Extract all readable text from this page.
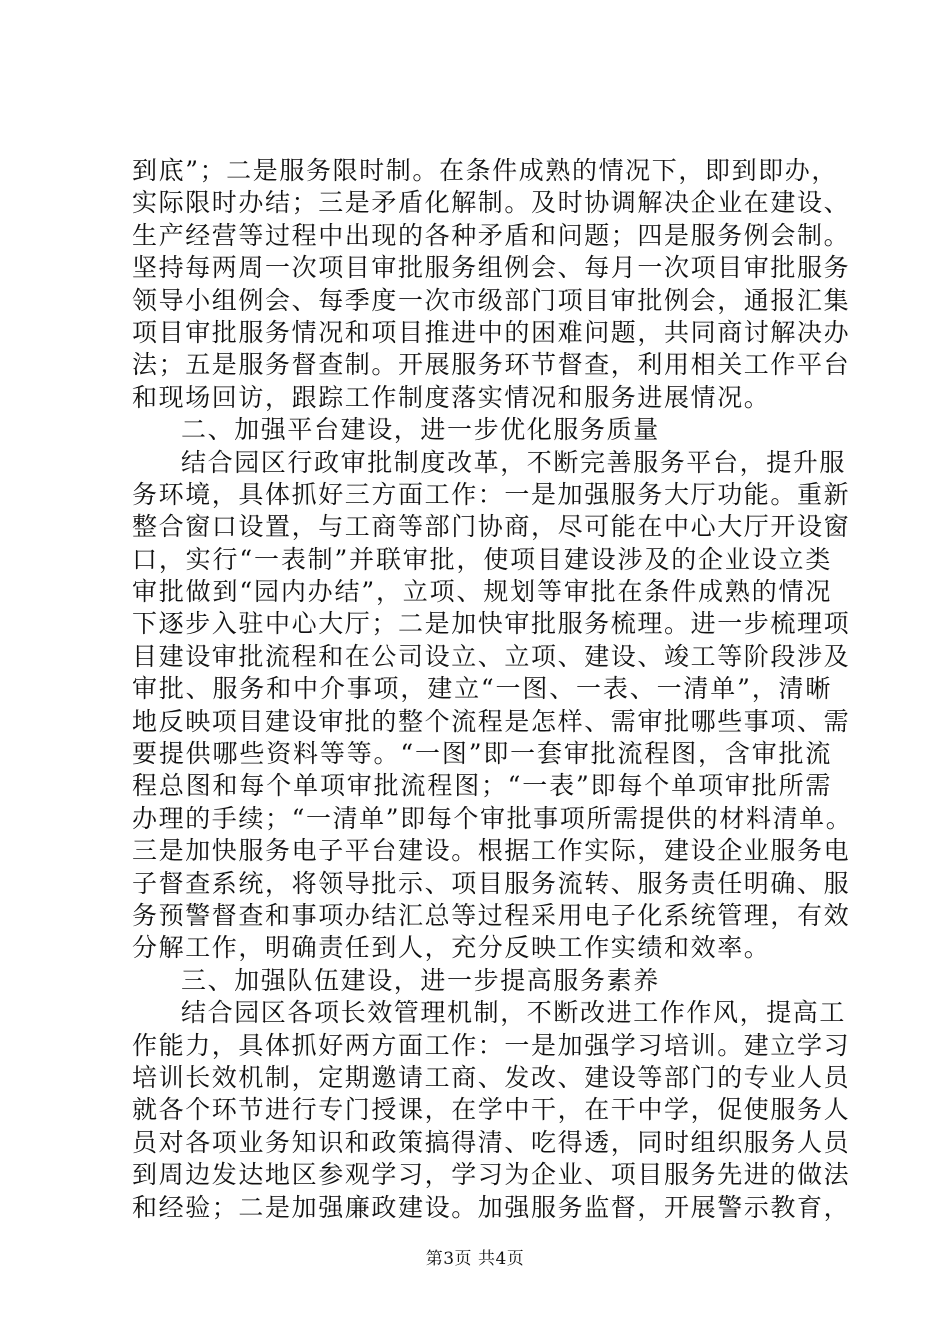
到底”；二是服务限时制。在条件成熟的情况下，即到即办，
实际限时办结；三是矛盾化解制。及时协调解决企业在建设、
生产经营等过程中出现的各种矛盾和问题；四是服务例会制。
坚持每两周一次项目审批服务组例会、每月一次项目审批服务
领导小组例会、每季度一次市级部门项目审批例会，通报汇集
项目审批服务情况和项目推进中的困难问题，共同商讨解决办
法；五是服务督查制。开展服务环节督查，利用相关工作平台
和现场回访，跟踪工作制度落实情况和服务进展情况。
二、加强平台建设，进一步优化服务质量
结合园区行政审批制度改革，不断完善服务平台，提升服
务环境，具体抓好三方面工作：一是加强服务大厅功能。重新
整合窗口设置，与工商等部门协商，尽可能在中心大厅开设窗
口，实行“一表制”并联审批，使项目建设涉及的企业设立类
审批做到“园内办结”，立项、规划等审批在条件成熟的情况
下逐步入驻中心大厅；二是加快审批服务梳理。进一步梳理项
目建设审批流程和在公司设立、立项、建设、竣工等阶段涉及
审批、服务和中介事项，建立“一图、一表、一清单”，清晰
地反映项目建设审批的整个流程是怎样、需审批哪些事项、需
要提供哪些资料等等。“一图”即一套审批流程图，含审批流
程总图和每个单项审批流程图；“一表”即每个单项审批所需
办理的手续；“一清单”即每个审批事项所需提供的材料清单。
三是加快服务电子平台建设。根据工作实际，建设企业服务电
子督查系统，将领导批示、项目服务流转、服务责任明确、服
务预警督查和事项办结汇总等过程采用电子化系统管理，有效
分解工作，明确责任到人，充分反映工作实绩和效率。
三、加强队伍建设，进一步提高服务素养
结合园区各项长效管理机制，不断改进工作作风，提高工
作能力，具体抓好两方面工作：一是加强学习培训。建立学习
培训长效机制，定期邀请工商、发改、建设等部门的专业人员
就各个环节进行专门授课，在学中干，在干中学，促使服务人
员对各项业务知识和政策搞得清、吃得透，同时组织服务人员
到周边发达地区参观学习，学习为企业、项目服务先进的做法
和经验；二是加强廉政建设。加强服务监督，开展警示教育，
第3页 共4页
